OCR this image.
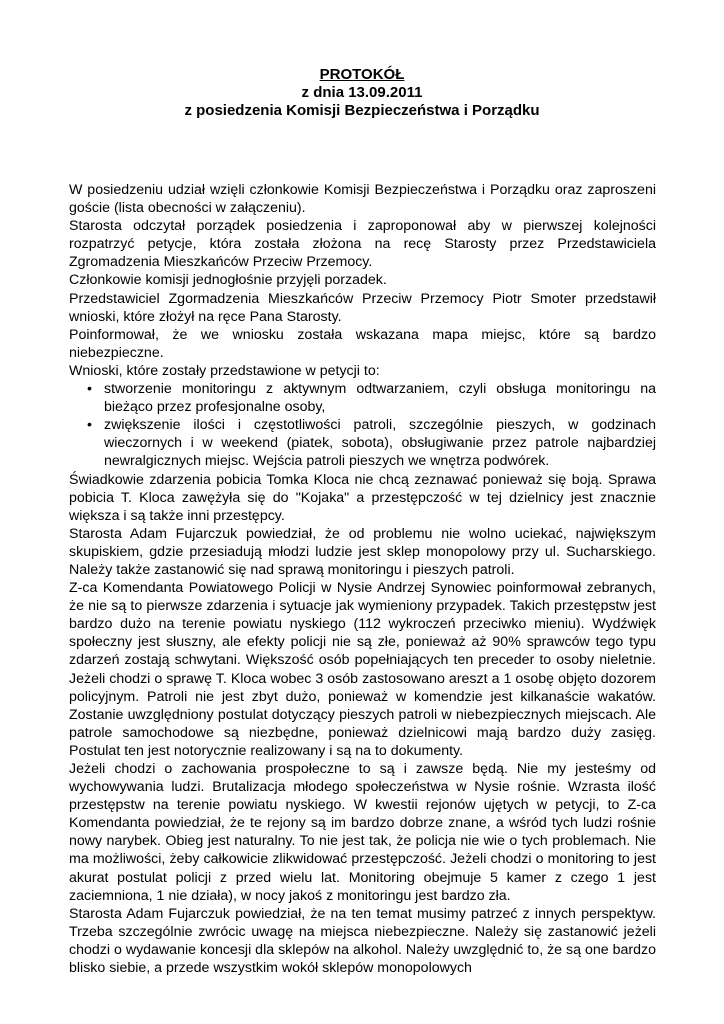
PROTOKÓŁ
z dnia 13.09.2011
z posiedzenia Komisji Bezpieczeństwa i Porządku

W posiedzeniu udział wzięli członkowie Komisji Bezpieczeństwa i Porządku oraz zaproszeni goście (lista obecności w załączeniu).

Starosta odczytał porządek posiedzenia i zaproponował aby w pierwszej kolejności rozpatrzyć petycje, która została złożona na recę Starosty przez Przedstawiciela Zgromadzenia Mieszkańców Przeciw Przemocy.

Członkowie komisji jednogłośnie przyjęli porzadek.

Przedstawiciel Zgormadzenia Mieszkańców Przeciw Przemocy Piotr Smoter przedstawił wnioski, które złożył na ręce Pana Starosty.

Poinformował, że we wniosku została wskazana mapa miejsc, które są bardzo niebezpieczne.

Wnioski, które zostały przedstawione w petycji to:

• stworzenie monitoringu z aktywnym odtwarzaniem, czyli obsługa monitoringu na bieżąco przez profesjonalne osoby,
• zwiększenie ilości i częstotliwości patroli, szczególnie pieszych, w godzinach wieczornych i w weekend (piatek, sobota), obsługiwanie przez patrole najbardziej newralgicznych miejsc. Wejścia patroli pieszych we wnętrza podwórek.

Świadkowie zdarzenia pobicia Tomka Kloca nie chcą zeznawać ponieważ się boją. Sprawa pobicia T. Kloca zawężyła się do "Kojaka" a przestępczość w tej dzielnicy jest znacznie większa i są także inni przestępcy.

Starosta Adam Fujarczuk powiedział, że od problemu nie wolno uciekać, największym skupiskiem, gdzie przesiadują młodzi ludzie jest sklep monopolowy przy ul. Sucharskiego. Należy także zastanowić się nad sprawą monitoringu i pieszych patroli.

Z-ca Komendanta Powiatowego Policji w Nysie Andrzej Synowiec poinformował zebranych, że nie są to pierwsze zdarzenia i sytuacje jak wymieniony przypadek. Takich przestępstw jest bardzo dużo na terenie powiatu nyskiego (112 wykroczeń przeciwko mieniu). Wydźwięk społeczny jest słuszny, ale efekty policji nie są złe, ponieważ aż 90% sprawców tego typu zdarzeń zostają schwytani. Większość osób popełniających ten preceder to osoby nieletnie. Jeżeli chodzi o sprawę T. Kloca wobec 3 osób zastosowano areszt a 1 osobę objęto dozorem policyjnym. Patroli nie jest zbyt dużo, ponieważ w komendzie jest kilkanaście wakatów. Zostanie uwzględniony postulat dotyczący pieszych patroli w niebezpiecznych miejscach. Ale patrole samochodowe są niezbędne, ponieważ dzielnicowi mają bardzo duży zasięg. Postulat ten jest notorycznie realizowany i są na to dokumenty.

Jeżeli chodzi o zachowania prospołeczne to są i zawsze będą. Nie my jesteśmy od wychowywania ludzi. Brutalizacja młodego społeczeństwa w Nysie rośnie. Wzrasta ilość przestępstw na terenie powiatu nyskiego. W kwestii rejonów ujętych w petycji, to Z-ca Komendanta powiedział, że te rejony są im bardzo dobrze znane, a wśród tych ludzi rośnie nowy narybek. Obieg jest naturalny. To nie jest tak, że policja nie wie o tych problemach. Nie ma możliwości, żeby całkowicie zlikwidować przestępczość. Jeżeli chodzi o monitoring to jest akurat postulat policji z przed wielu lat. Monitoring obejmuje 5 kamer z czego 1 jest zaciemniona, 1 nie działa), w nocy jakoś z monitoringu jest bardzo zła.

Starosta Adam Fujarczuk powiedział, że na ten temat musimy patrzeć z innych perspektyw. Trzeba szczególnie zwrócic uwagę na miejsca niebezpieczne. Należy się zastanowić jeżeli chodzi o wydawanie koncesji dla sklepów na alkohol. Należy uwzględnić to, że są one bardzo blisko siebie, a przede wszystkim wokół sklepów monopolowych
